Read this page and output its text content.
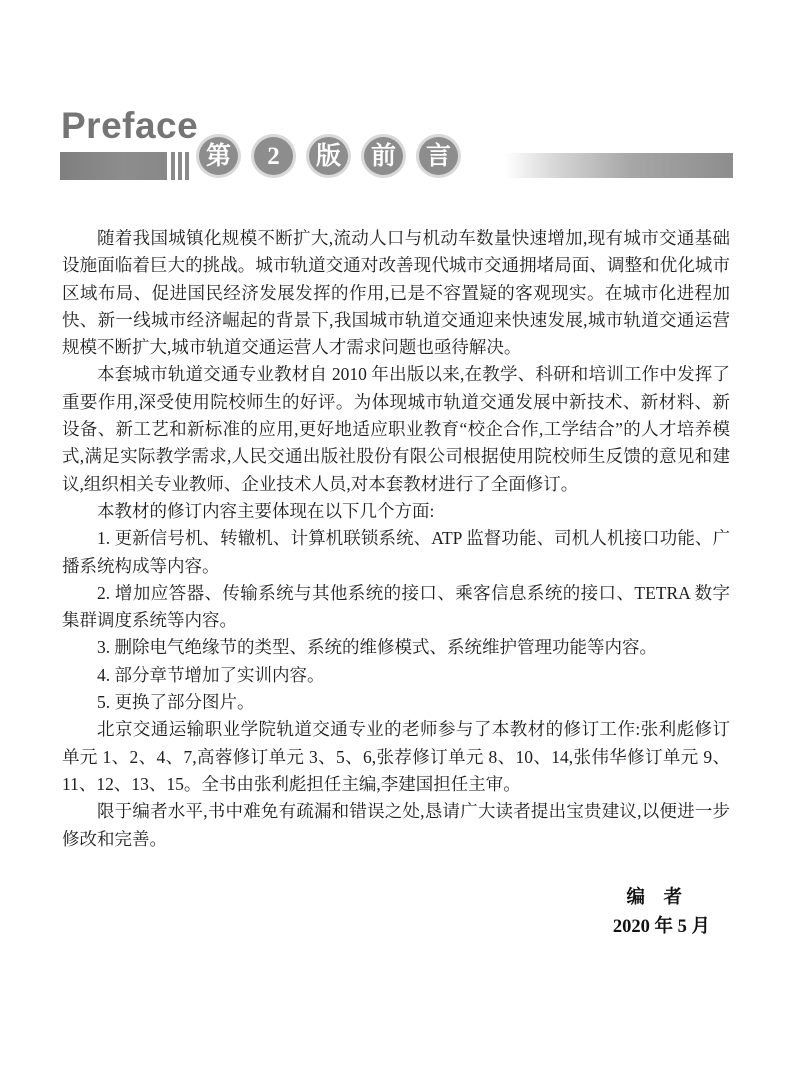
Preface
第	2	版	前	言

随着我国城镇化规模不断扩大,流动人口与机动车数量快速增加,现有城市交通基础设施面临着巨大的挑战。城市轨道交通对改善现代城市交通拥堵局面、调整和优化城市区域布局、促进国民经济发展发挥的作用,已是不容置疑的客观现实。在城市化进程加快、新一线城市经济崛起的背景下,我国城市轨道交通迎来快速发展,城市轨道交通运营规模不断扩大,城市轨道交通运营人才需求问题也亟待解决。

本套城市轨道交通专业教材自 2010 年出版以来,在教学、科研和培训工作中发挥了重要作用,深受使用院校师生的好评。为体现城市轨道交通发展中新技术、新材料、新设备、新工艺和新标准的应用,更好地适应职业教育“校企合作,工学结合”的人才培养模式,满足实际教学需求,人民交通出版社股份有限公司根据使用院校师生反馈的意见和建议,组织相关专业教师、企业技术人员,对本套教材进行了全面修订。

本教材的修订内容主要体现在以下几个方面:

1. 更新信号机、转辙机、计算机联锁系统、ATP 监督功能、司机人机接口功能、广播系统构成等内容。

2. 增加应答器、传输系统与其他系统的接口、乘客信息系统的接口、TETRA 数字集群调度系统等内容。

3. 删除电气绝缘节的类型、系统的维修模式、系统维护管理功能等内容。

4. 部分章节增加了实训内容。

5. 更换了部分图片。

北京交通运输职业学院轨道交通专业的老师参与了本教材的修订工作:张利彪修订单元 1、2、4、7,高蓉修订单元 3、5、6,张荐修订单元 8、10、14,张伟华修订单元 9、11、12、13、15。全书由张利彪担任主编,李建国担任主审。

限于编者水平,书中难免有疏漏和错误之处,恳请广大读者提出宝贵建议,以便进一步修改和完善。

编　者
2020 年 5 月
